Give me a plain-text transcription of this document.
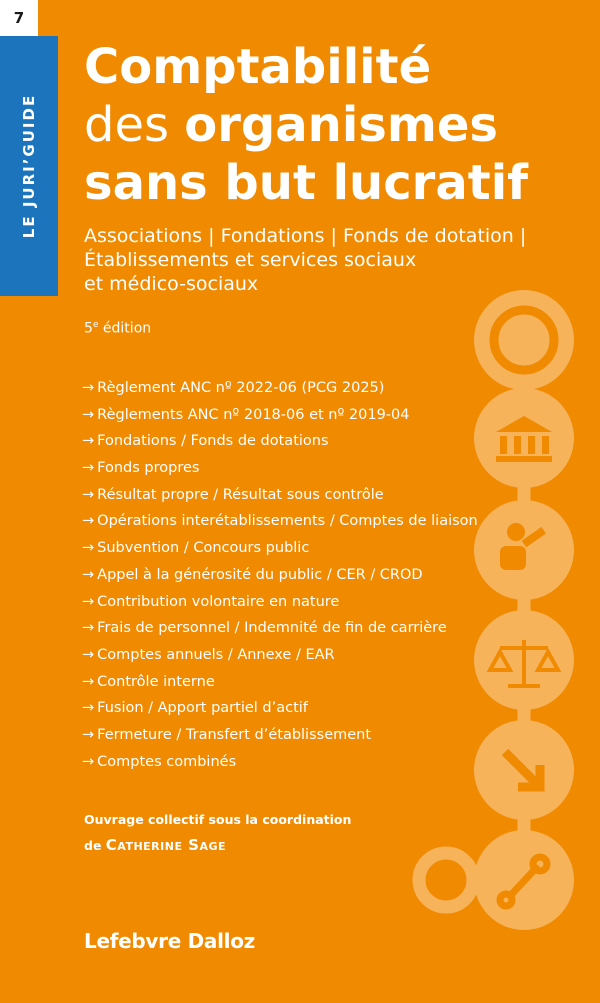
7
LE JURI’GUIDE
Comptabilité
des organismes
sans but lucratif
Associations | Fondations | Fonds de dotation |
Établissements et services sociaux
et médico-sociaux
5e édition
→ Règlement ANC nº 2022-06 (PCG 2025)
→ Règlements ANC nº 2018-06 et nº 2019-04
→ Fondations / Fonds de dotations
→ Fonds propres
→ Résultat propre / Résultat sous contrôle
→ Opérations interétablissements / Comptes de liaison
→ Subvention / Concours public
→ Appel à la générosité du public / CER / CROD
→ Contribution volontaire en nature
→ Frais de personnel / Indemnité de fin de carrière
→ Comptes annuels / Annexe / EAR
→ Contrôle interne
→ Fusion / Apport partiel d’actif
→ Fermeture / Transfert d’établissement
→ Comptes combinés
Ouvrage collectif sous la coordination
de Catherine Sage
Lefebvre Dalloz
